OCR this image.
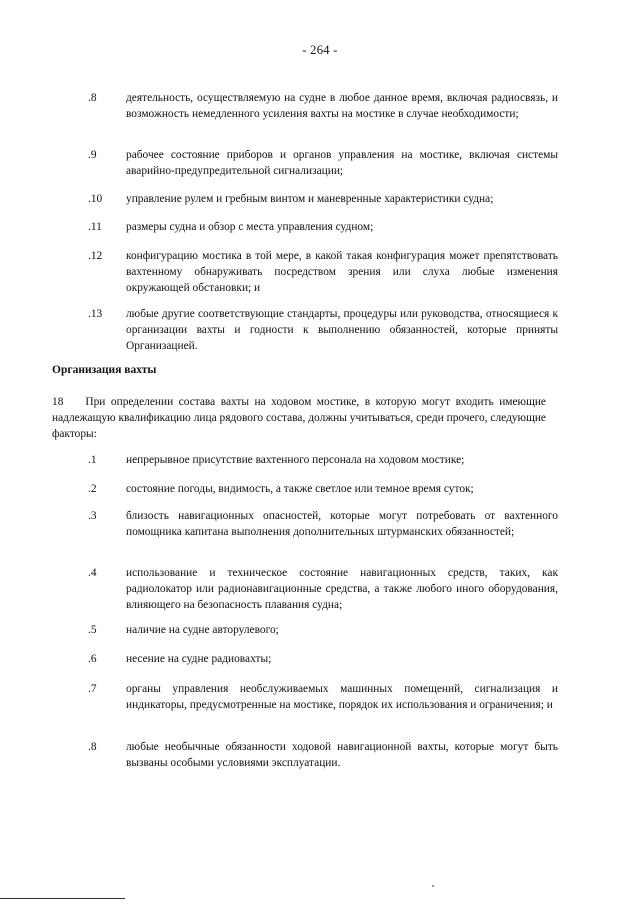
- 264 -
.8	деятельность, осуществляемую на судне в любое данное время, включая радиосвязь, и возможность немедленного усиления вахты на мостике в случае необходимости;
.9	рабочее состояние приборов и органов управления на мостике, включая системы аварийно-предупредительной сигнализации;
.10	управление рулем и гребным винтом и маневренные характеристики судна;
.11	размеры судна и обзор с места управления судном;
.12	конфигурацию мостика в той мере, в какой такая конфигурация может препятствовать вахтенному обнаруживать посредством зрения или слуха любые изменения окружающей обстановки; и
.13	любые другие соответствующие стандарты, процедуры или руководства, относящиеся к организации вахты и годности к выполнению обязанностей, которые приняты Организацией.
Организация вахты
18 При определении состава вахты на ходовом мостике, в которую могут входить имеющие надлежащую квалификацию лица рядового состава, должны учитываться, среди прочего, следующие факторы:
.1	непрерывное присутствие вахтенного персонала на ходовом мостике;
.2	состояние погоды, видимость, а также светлое или темное время суток;
.3	близость навигационных опасностей, которые могут потребовать от вахтенного помощника капитана выполнения дополнительных штурманских обязанностей;
.4	использование и техническое состояние навигационных средств, таких, как радиолокатор или радионавигационные средства, а также любого иного оборудования, влияющего на безопасность плавания судна;
.5	наличие на судне авторулевого;
.6	несение на судне радиовахты;
.7	органы управления необслуживаемых машинных помещений, сигнализация и индикаторы, предусмотренные на мостике, порядок их использования и ограничения; и
.8	любые необычные обязанности ходовой навигационной вахты, которые могут быть вызваны особыми условиями эксплуатации.
